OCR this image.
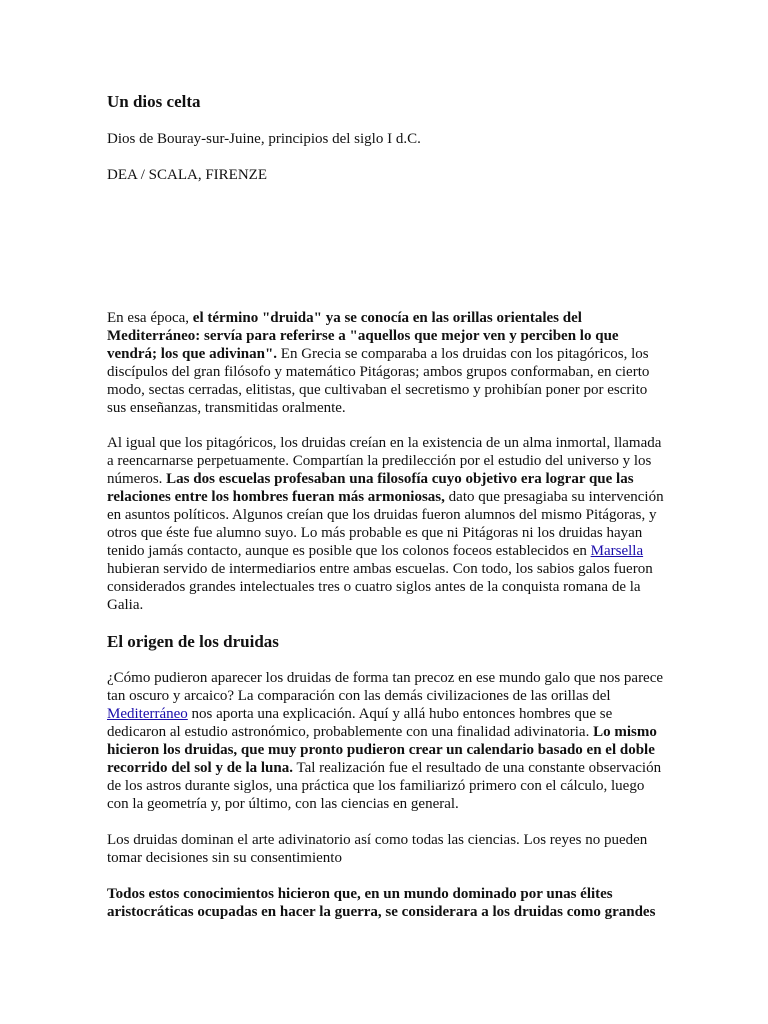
Un dios celta

Dios de Bouray-sur-Juine, principios del siglo I d.C.

DEA / SCALA, FIRENZE

En esa época, el término "druida" ya se conocía en las orillas orientales del Mediterráneo: servía para referirse a "aquellos que mejor ven y perciben lo que vendrá; los que adivinan". En Grecia se comparaba a los druidas con los pitagóricos, los discípulos del gran filósofo y matemático Pitágoras; ambos grupos conformaban, en cierto modo, sectas cerradas, elitistas, que cultivaban el secretismo y prohibían poner por escrito sus enseñanzas, transmitidas oralmente.

Al igual que los pitagóricos, los druidas creían en la existencia de un alma inmortal, llamada a reencarnarse perpetuamente. Compartían la predilección por el estudio del universo y los números. Las dos escuelas profesaban una filosofía cuyo objetivo era lograr que las relaciones entre los hombres fueran más armoniosas, dato que presagiaba su intervención en asuntos políticos. Algunos creían que los druidas fueron alumnos del mismo Pitágoras, y otros que éste fue alumno suyo. Lo más probable es que ni Pitágoras ni los druidas hayan tenido jamás contacto, aunque es posible que los colonos foceos establecidos en Marsella hubieran servido de intermediarios entre ambas escuelas. Con todo, los sabios galos fueron considerados grandes intelectuales tres o cuatro siglos antes de la conquista romana de la Galia.

El origen de los druidas

¿Cómo pudieron aparecer los druidas de forma tan precoz en ese mundo galo que nos parece tan oscuro y arcaico? La comparación con las demás civilizaciones de las orillas del Mediterráneo nos aporta una explicación. Aquí y allá hubo entonces hombres que se dedicaron al estudio astronómico, probablemente con una finalidad adivinatoria. Lo mismo hicieron los druidas, que muy pronto pudieron crear un calendario basado en el doble recorrido del sol y de la luna. Tal realización fue el resultado de una constante observación de los astros durante siglos, una práctica que los familiarizó primero con el cálculo, luego con la geometría y, por último, con las ciencias en general.

Los druidas dominan el arte adivinatorio así como todas las ciencias. Los reyes no pueden tomar decisiones sin su consentimiento

Todos estos conocimientos hicieron que, en un mundo dominado por unas élites aristocráticas ocupadas en hacer la guerra, se considerara a los druidas como grandes
